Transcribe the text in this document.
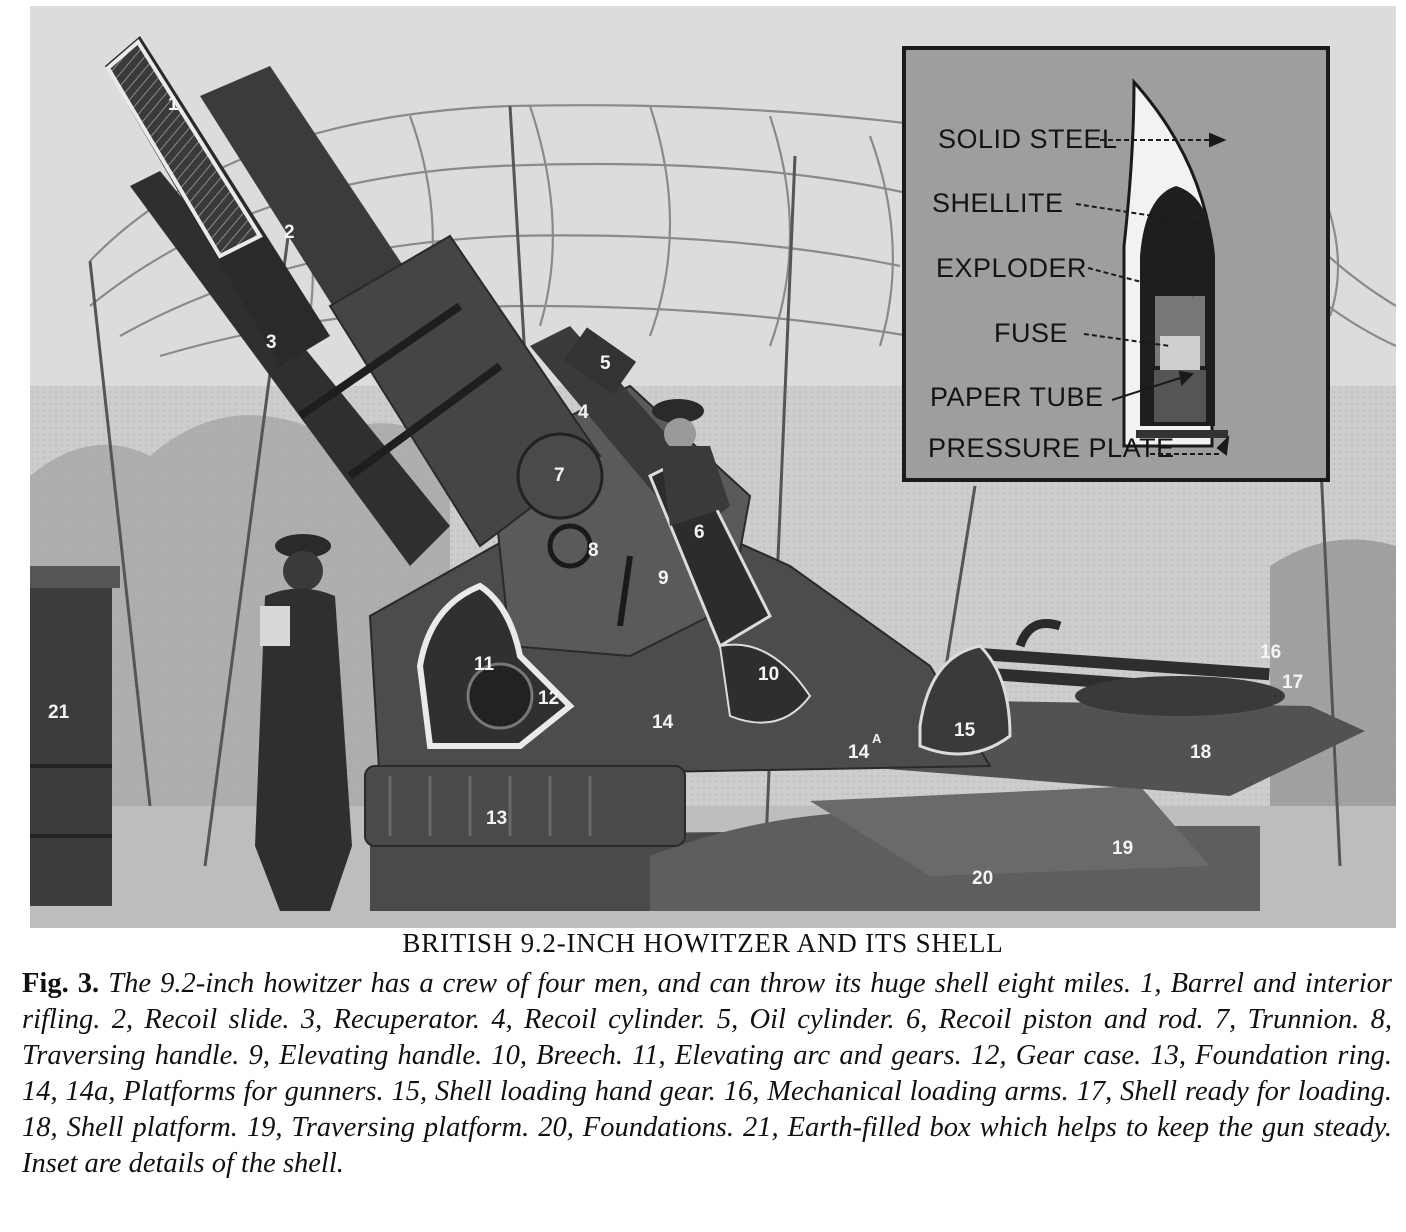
1
2
3
4
5
6
7
8
9
10
11
12
13
14
14
A	15
16
17
18
19
20
21
SOLID STEEL
SHELLITE
EXPLODER
FUSE
PAPER TUBE
PRESSURE PLATE
BRITISH 9.2-INCH HOWITZER AND ITS SHELL
Fig. 3. The 9.2-inch howitzer has a crew of four men, and can throw its huge shell eight miles. 1, Barrel and interior rifling. 2, Recoil slide. 3, Recuperator. 4, Recoil cylinder. 5, Oil cylinder. 6, Recoil piston and rod. 7, Trunnion. 8, Traversing handle. 9, Elevating handle. 10, Breech. 11, Elevating arc and gears. 12, Gear case. 13, Foundation ring. 14, 14a, Platforms for gunners. 15, Shell loading hand gear. 16, Mechanical loading arms. 17, Shell ready for loading. 18, Shell platform. 19, Traversing platform. 20, Foundations. 21, Earth-filled box which helps to keep the gun steady. Inset are details of the shell.
